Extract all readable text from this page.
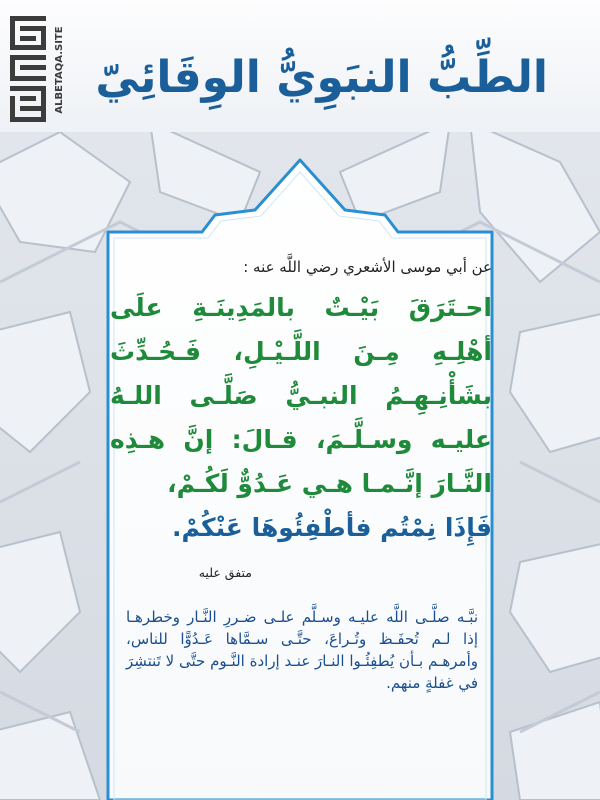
ALBETAQA.SITE الطِّبُّ النبَوِيُّ الوِقَائِيّ

عن أبي موسى الأشعري رضي اللَّه عنه :

احـتَرَقَ بَيْـتٌ بالمَدِينَـةِ علَى أهْلِـهِ مِـنَ اللَّـيْـلِ، فَـحُـدِّثَ بشَأْنِـهِـمُ النبـيُّ صَلَّـى اللـهُ عليـه وسـلَّـمَ، قـالَ: إنَّ هـذِه النَّـارَ إنَّـمـا هـي عَـدُوٌّ لَكُـمْ،

فَإِذَا نِمْتُم فأطْفِئُوهَا عَنْكُمْ.

متفق عليه

نبَّـه صلَّـى اللَّه عليـه وسـلَّم علـى ضـررِ النَّـار وخطرهـا إذا لـم تُحفَـظ وتُـراعَ، حتَّـى سـمَّاها عَـدُوًّا للناس، وأمرهـم بـأن يُطفِئُـوا النـارَ عنـد إرادة النَّـوم حتَّى لا تَنتشِرَ في غفلةٍ منهم.
